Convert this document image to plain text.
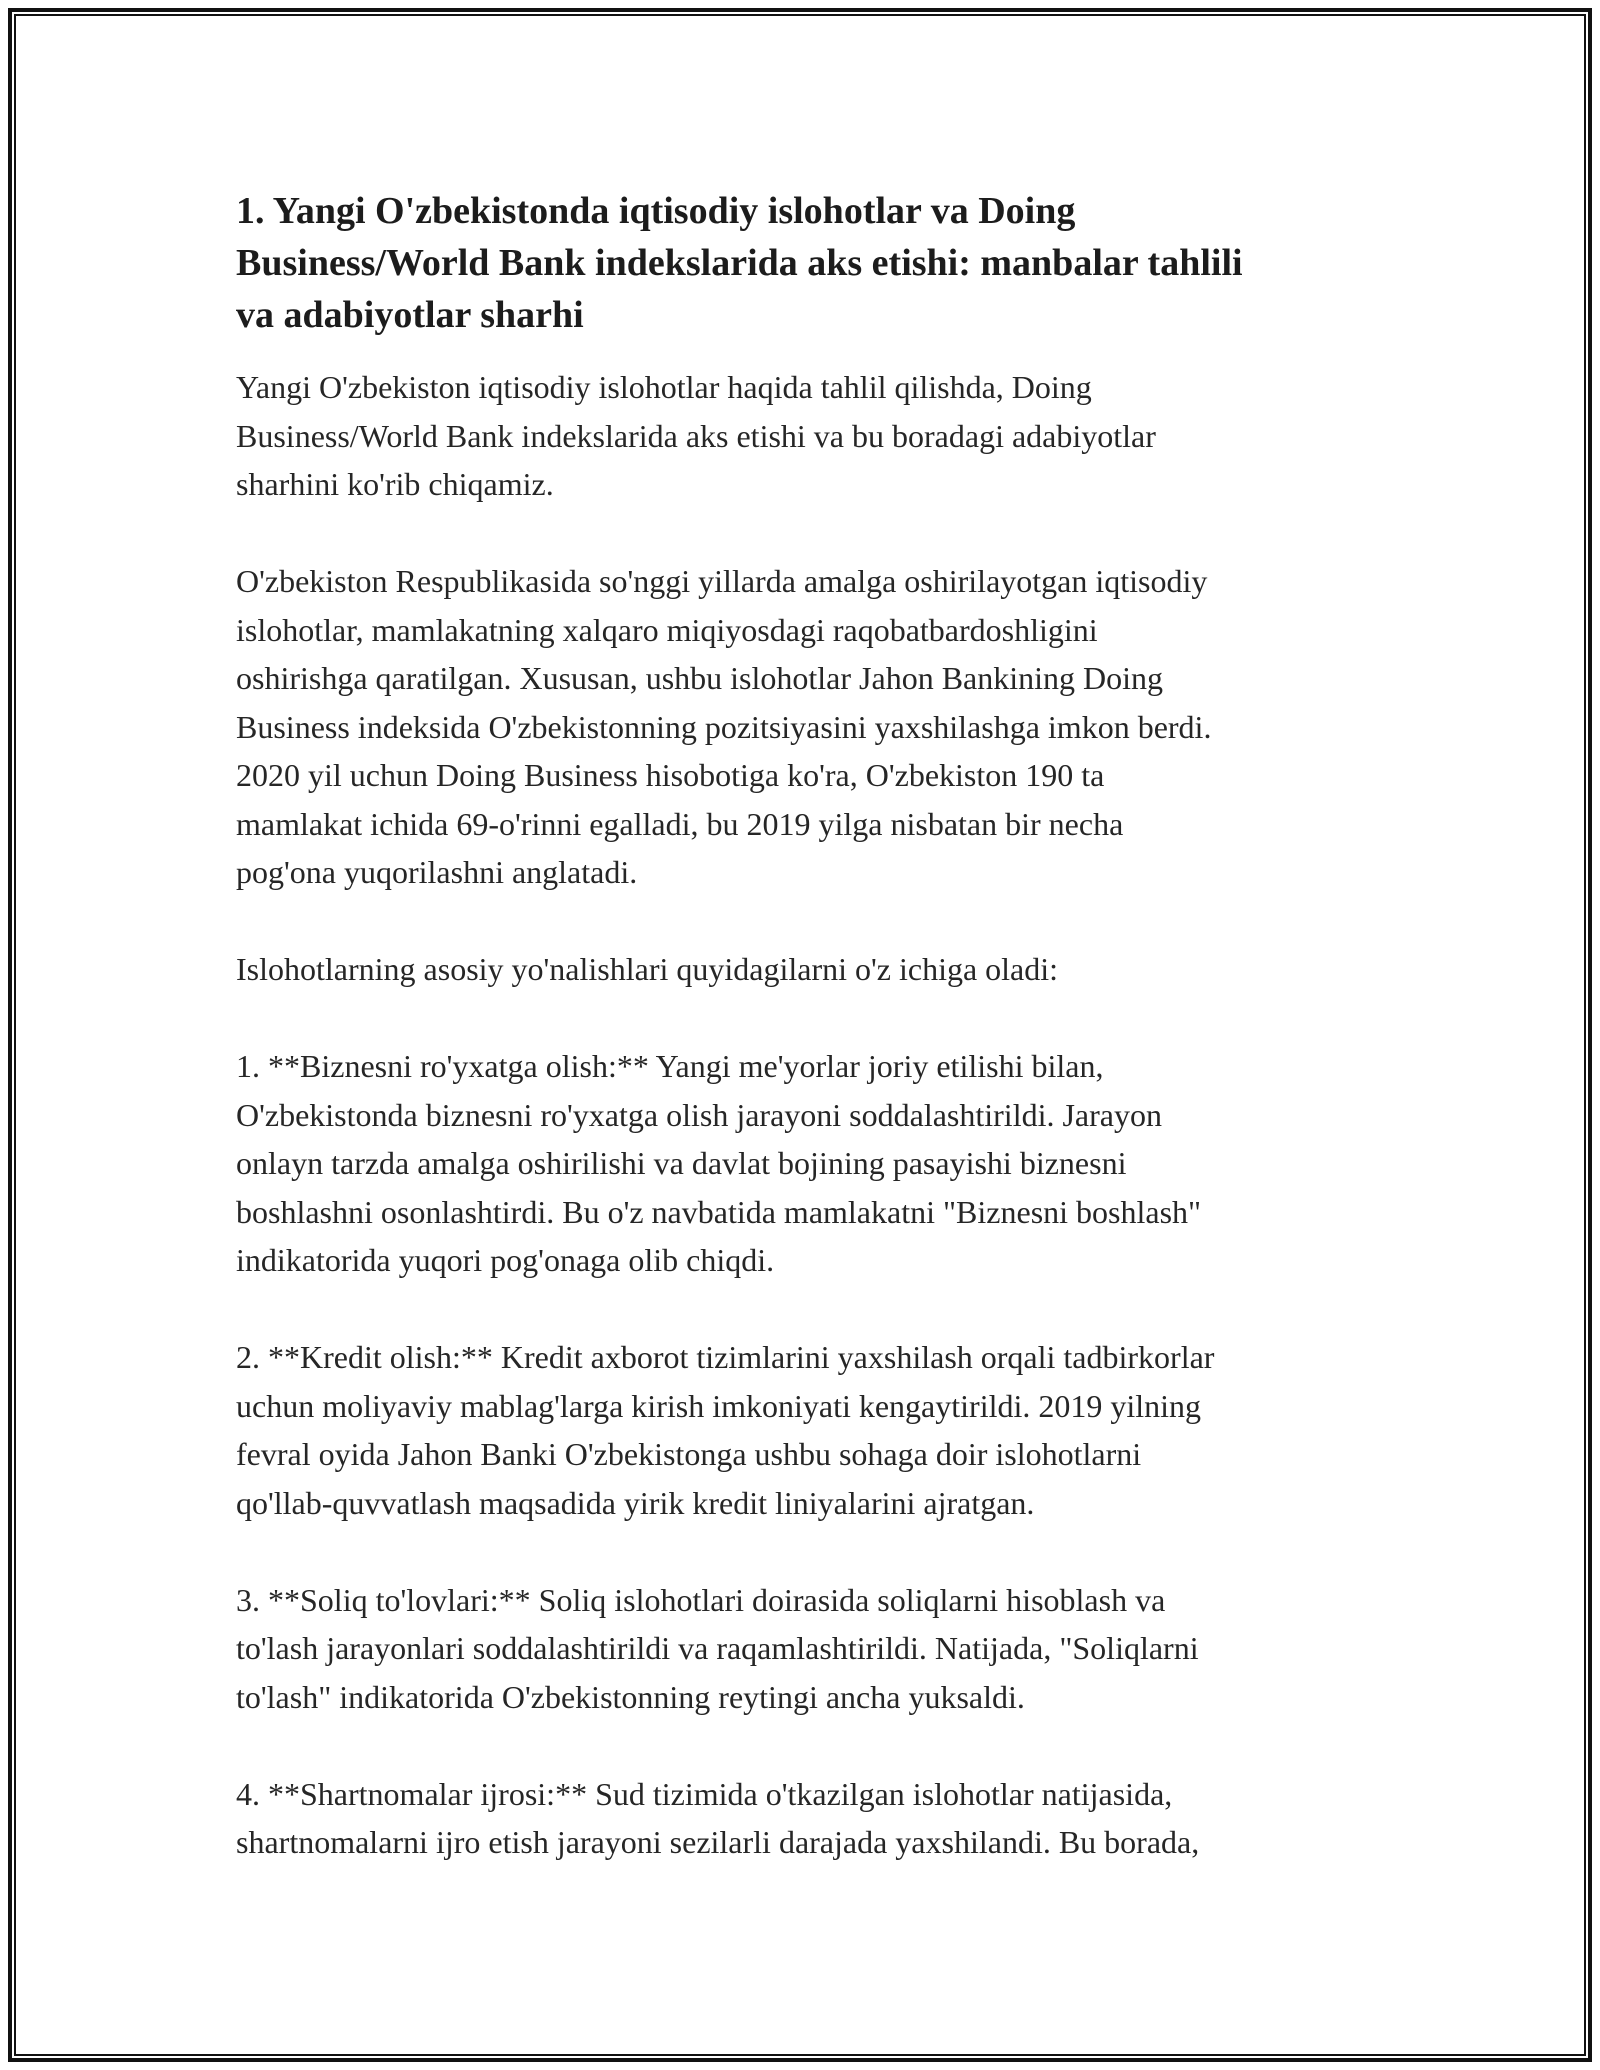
1. Yangi O'zbekistonda iqtisodiy islohotlar va Doing
Business/World Bank indekslarida aks etishi: manbalar tahlili
va adabiyotlar sharhi

Yangi O'zbekiston iqtisodiy islohotlar haqida tahlil qilishda, Doing
Business/World Bank indekslarida aks etishi va bu boradagi adabiyotlar
sharhini ko'rib chiqamiz.

O'zbekiston Respublikasida so'nggi yillarda amalga oshirilayotgan iqtisodiy
islohotlar, mamlakatning xalqaro miqiyosdagi raqobatbardoshligini
oshirishga qaratilgan. Xususan, ushbu islohotlar Jahon Bankining Doing
Business indeksida O'zbekistonning pozitsiyasini yaxshilashga imkon berdi.
2020 yil uchun Doing Business hisobotiga ko'ra, O'zbekiston 190 ta
mamlakat ichida 69-o'rinni egalladi, bu 2019 yilga nisbatan bir necha
pog'ona yuqorilashni anglatadi.

Islohotlarning asosiy yo'nalishlari quyidagilarni o'z ichiga oladi:

1. **Biznesni ro'yxatga olish:** Yangi me'yorlar joriy etilishi bilan,
O'zbekistonda biznesni ro'yxatga olish jarayoni soddalashtirildi. Jarayon
onlayn tarzda amalga oshirilishi va davlat bojining pasayishi biznesni
boshlashni osonlashtirdi. Bu o'z navbatida mamlakatni "Biznesni boshlash"
indikatorida yuqori pog'onaga olib chiqdi.

2. **Kredit olish:** Kredit axborot tizimlarini yaxshilash orqali tadbirkorlar
uchun moliyaviy mablag'larga kirish imkoniyati kengaytirildi. 2019 yilning
fevral oyida Jahon Banki O'zbekistonga ushbu sohaga doir islohotlarni
qo'llab-quvvatlash maqsadida yirik kredit liniyalarini ajratgan.

3. **Soliq to'lovlari:** Soliq islohotlari doirasida soliqlarni hisoblash va
to'lash jarayonlari soddalashtirildi va raqamlashtirildi. Natijada, "Soliqlarni
to'lash" indikatorida O'zbekistonning reytingi ancha yuksaldi.

4. **Shartnomalar ijrosi:** Sud tizimida o'tkazilgan islohotlar natijasida,
shartnomalarni ijro etish jarayoni sezilarli darajada yaxshilandi. Bu borada,
